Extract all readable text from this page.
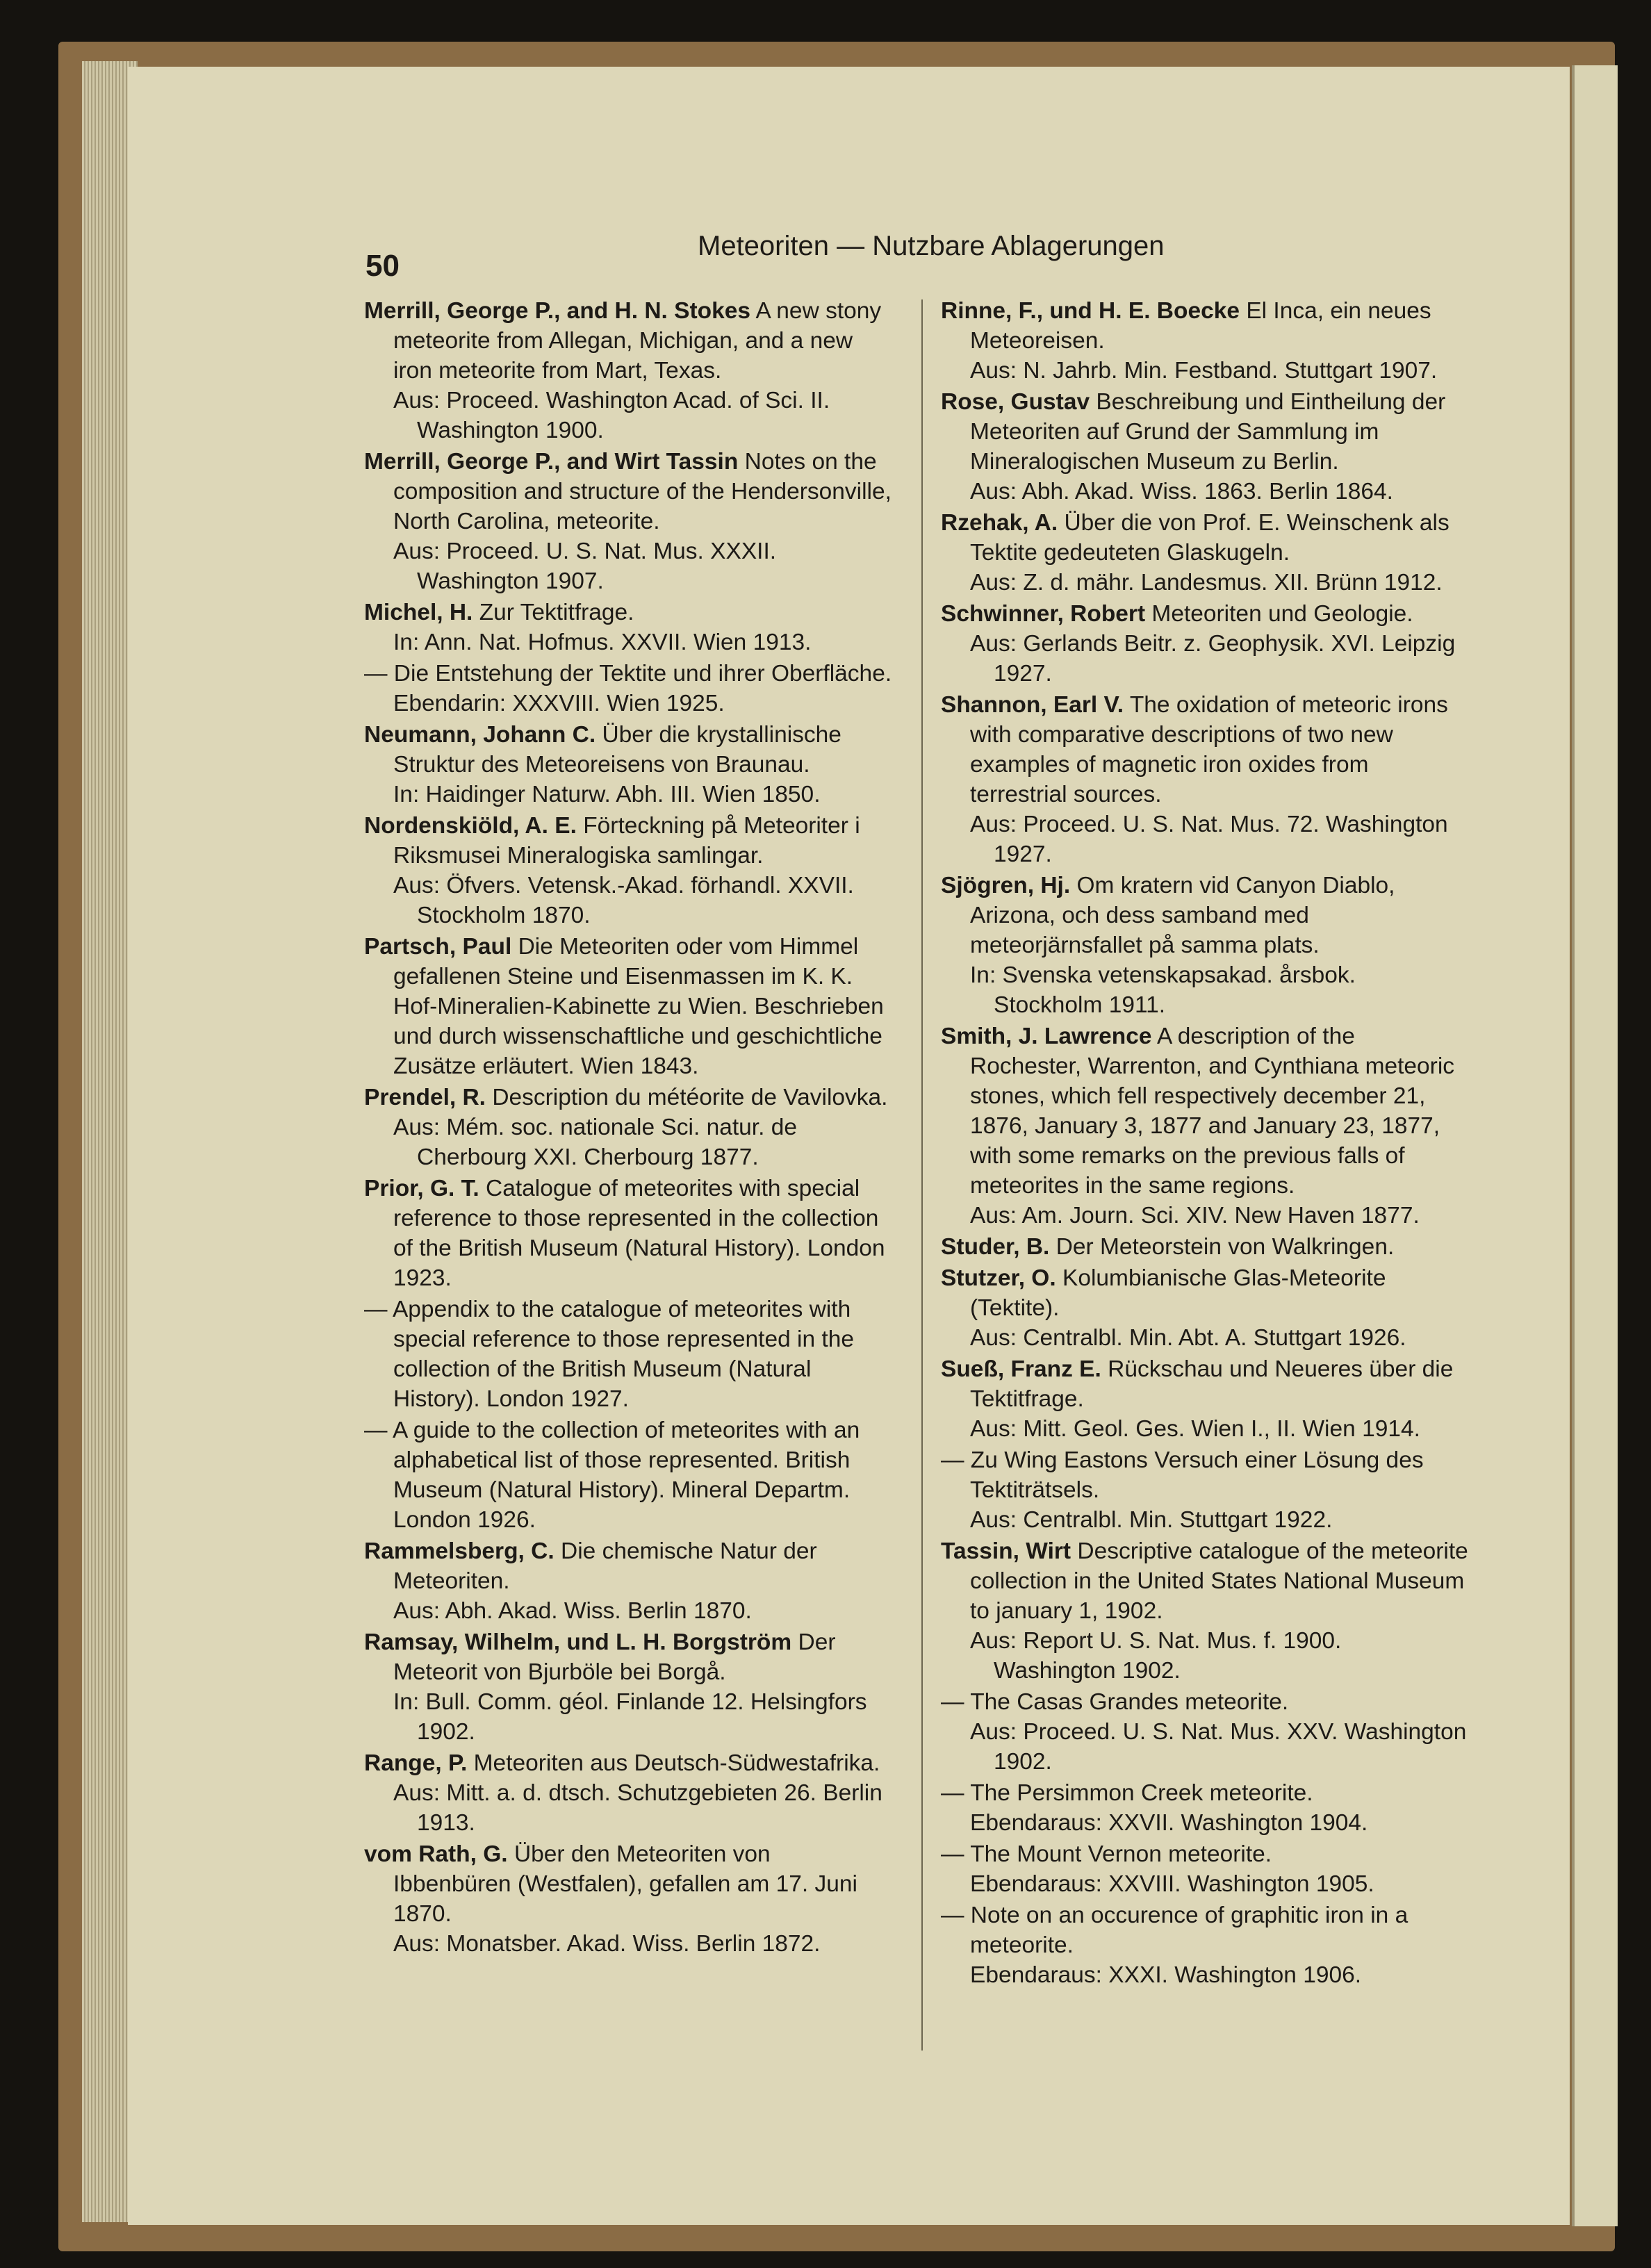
50
Meteoriten — Nutzbare Ablagerungen
Merrill, George P., and H. N. Stokes A new stony meteorite from Allegan, Michigan, and a new iron meteorite from Mart, Texas.
Aus: Proceed. Washington Acad. of Sci. II. Washington 1900.
Merrill, George P., and Wirt Tassin Notes on the composition and structure of the Hendersonville, North Carolina, meteorite.
Aus: Proceed. U. S. Nat. Mus. XXXII. Washington 1907.
Michel, H. Zur Tektitfrage.
In: Ann. Nat. Hofmus. XXVII. Wien 1913.
— Die Entstehung der Tektite und ihrer Oberfläche.
Ebendarin: XXXVIII. Wien 1925.
Neumann, Johann C. Über die krystallinische Struktur des Meteoreisens von Braunau.
In: Haidinger Naturw. Abh. III. Wien 1850.
Nordenskiöld, A. E. Förteckning på Meteoriter i Riksmusei Mineralogiska samlingar.
Aus: Öfvers. Vetensk.-Akad. förhandl. XXVII. Stockholm 1870.
Partsch, Paul Die Meteoriten oder vom Himmel gefallenen Steine und Eisenmassen im K. K. Hof-Mineralien-Kabinette zu Wien. Beschrieben und durch wissenschaftliche und geschichtliche Zusätze erläutert. Wien 1843.
Prendel, R. Description du météorite de Vavilovka.
Aus: Mém. soc. nationale Sci. natur. de Cherbourg XXI. Cherbourg 1877.
Prior, G. T. Catalogue of meteorites with special reference to those represented in the collection of the British Museum (Natural History). London 1923.
— Appendix to the catalogue of meteorites with special reference to those represented in the collection of the British Museum (Natural History). London 1927.
— A guide to the collection of meteorites with an alphabetical list of those represented. British Museum (Natural History). Mineral Departm. London 1926.
Rammelsberg, C. Die chemische Natur der Meteoriten.
Aus: Abh. Akad. Wiss. Berlin 1870.
Ramsay, Wilhelm, und L. H. Borgström Der Meteorit von Bjurböle bei Borgå.
In: Bull. Comm. géol. Finlande 12. Helsingfors 1902.
Range, P. Meteoriten aus Deutsch-Südwestafrika.
Aus: Mitt. a. d. dtsch. Schutzgebieten 26. Berlin 1913.
vom Rath, G. Über den Meteoriten von Ibbenbüren (Westfalen), gefallen am 17. Juni 1870.
Aus: Monatsber. Akad. Wiss. Berlin 1872.
Rinne, F., und H. E. Boecke El Inca, ein neues Meteoreisen.
Aus: N. Jahrb. Min. Festband. Stuttgart 1907.
Rose, Gustav Beschreibung und Eintheilung der Meteoriten auf Grund der Sammlung im Mineralogischen Museum zu Berlin.
Aus: Abh. Akad. Wiss. 1863. Berlin 1864.
Rzehak, A. Über die von Prof. E. Weinschenk als Tektite gedeuteten Glaskugeln.
Aus: Z. d. mähr. Landesmus. XII. Brünn 1912.
Schwinner, Robert Meteoriten und Geologie.
Aus: Gerlands Beitr. z. Geophysik. XVI. Leipzig 1927.
Shannon, Earl V. The oxidation of meteoric irons with comparative descriptions of two new examples of magnetic iron oxides from terrestrial sources.
Aus: Proceed. U. S. Nat. Mus. 72. Washington 1927.
Sjögren, Hj. Om kratern vid Canyon Diablo, Arizona, och dess samband med meteorjärnsfallet på samma plats.
In: Svenska vetenskapsakad. årsbok. Stockholm 1911.
Smith, J. Lawrence A description of the Rochester, Warrenton, and Cynthiana meteoric stones, which fell respectively december 21, 1876, January 3, 1877 and January 23, 1877, with some remarks on the previous falls of meteorites in the same regions.
Aus: Am. Journ. Sci. XIV. New Haven 1877.
Studer, B. Der Meteorstein von Walkringen.
Stutzer, O. Kolumbianische Glas-Meteorite (Tektite).
Aus: Centralbl. Min. Abt. A. Stuttgart 1926.
Sueß, Franz E. Rückschau und Neueres über die Tektitfrage.
Aus: Mitt. Geol. Ges. Wien I., II. Wien 1914.
— Zu Wing Eastons Versuch einer Lösung des Tektiträtsels.
Aus: Centralbl. Min. Stuttgart 1922.
Tassin, Wirt Descriptive catalogue of the meteorite collection in the United States National Museum to january 1, 1902.
Aus: Report U. S. Nat. Mus. f. 1900. Washington 1902.
— The Casas Grandes meteorite.
Aus: Proceed. U. S. Nat. Mus. XXV. Washington 1902.
— The Persimmon Creek meteorite.
Ebendaraus: XXVII. Washington 1904.
— The Mount Vernon meteorite.
Ebendaraus: XXVIII. Washington 1905.
— Note on an occurence of graphitic iron in a meteorite.
Ebendaraus: XXXI. Washington 1906.
